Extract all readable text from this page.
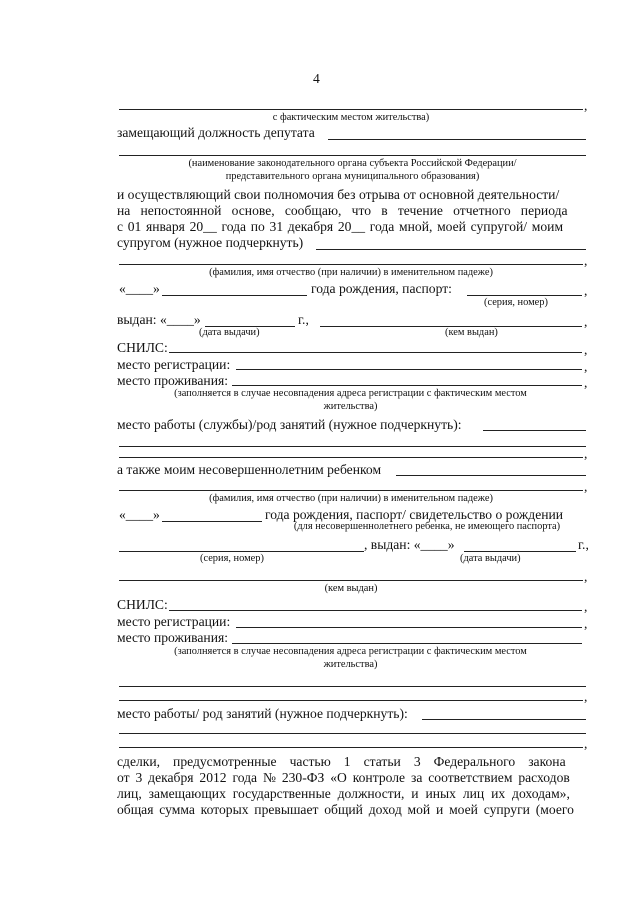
4
,
с фактическим местом жительства)
замещающий должность депутата
(наименование законодательного органа субъекта Российской Федерации/
представительного органа муниципального образования)
и осуществляющий свои полномочия без отрыва от основной деятельности/
на непостоянной основе, сообщаю, что в течение отчетного периода
с 01 января 20__ года по 31 декабря 20__ года мной, моей супругой/ моим
супругом (нужное подчеркнуть)
,
(фамилия, имя отчество (при наличии) в именительном падеже)
«____»	года рождения, паспорт:	,
(серия, номер)
выдан: «____»	г.,	,
(дата выдачи)	(кем выдан)
СНИЛС:	,
место регистрации:	,
место проживания:	,
(заполняется в случае несовпадения адреса регистрации с фактическим местом
жительства)
место работы (службы)/род занятий (нужное подчеркнуть):
,
а также моим несовершеннолетним ребенком
,
(фамилия, имя отчество (при наличии) в именительном падеже)
«____»	года рождения, паспорт/ свидетельство о рождении
(для несовершеннолетнего ребенка, не имеющего паспорта)
, выдан: «____»	г.,
(серия, номер)	(дата выдачи)
,
(кем выдан)
СНИЛС:	,
место регистрации:	,
место проживания:
(заполняется в случае несовпадения адреса регистрации с фактическим местом
жительства)
,
место работы/ род занятий (нужное подчеркнуть):
,
сделки, предусмотренные частью 1 статьи 3 Федерального закона
от 3 декабря 2012 года № 230-ФЗ «О контроле за соответствием расходов
лиц, замещающих государственные должности, и иных лиц их доходам»,
общая сумма которых превышает общий доход мой и моей супруги (моего
